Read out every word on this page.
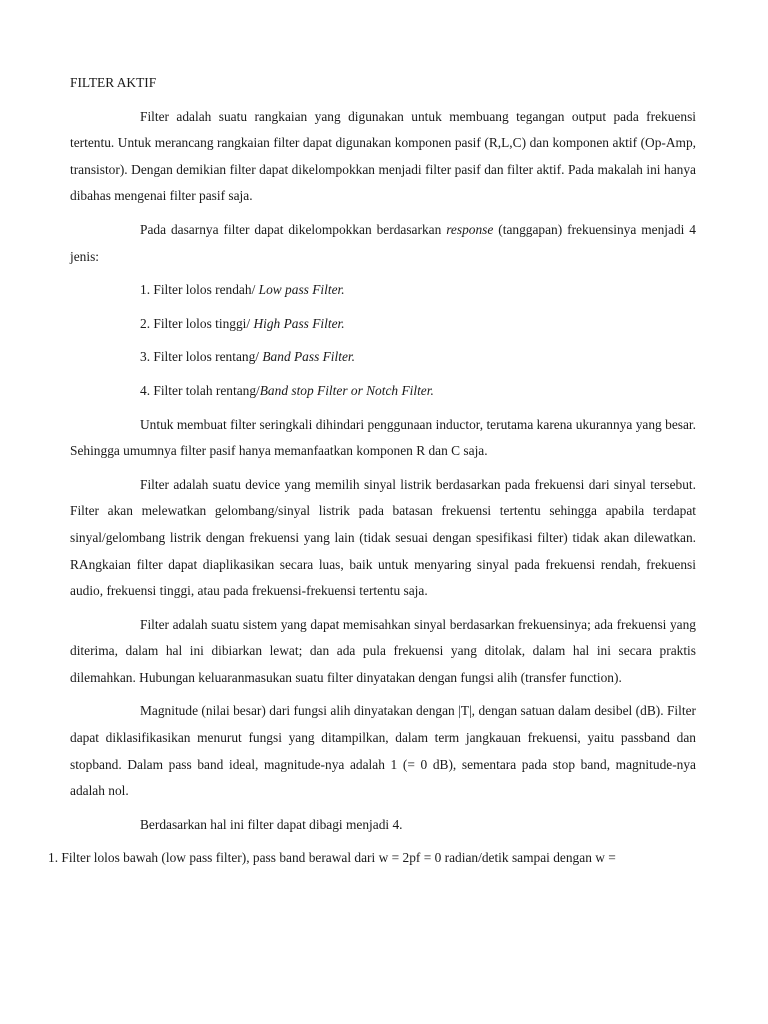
FILTER AKTIF

Filter adalah suatu rangkaian yang digunakan untuk membuang tegangan output pada frekuensi tertentu. Untuk merancang rangkaian filter dapat digunakan komponen pasif (R,L,C) dan komponen aktif (Op-Amp, transistor). Dengan demikian filter dapat dikelompokkan menjadi filter pasif dan filter aktif. Pada makalah ini hanya dibahas mengenai filter pasif saja.

Pada dasarnya filter dapat dikelompokkan berdasarkan response (tanggapan) frekuensinya menjadi 4 jenis:

1. Filter lolos rendah/ Low pass Filter.
2. Filter lolos tinggi/ High Pass Filter.
3. Filter lolos rentang/ Band Pass Filter.
4. Filter tolah rentang/Band stop Filter or Notch Filter.

Untuk membuat filter seringkali dihindari penggunaan inductor, terutama karena ukurannya yang besar. Sehingga umumnya filter pasif hanya memanfaatkan komponen R dan C saja.

Filter adalah suatu device yang memilih sinyal listrik berdasarkan pada frekuensi dari sinyal tersebut. Filter akan melewatkan gelombang/sinyal listrik pada batasan frekuensi tertentu sehingga apabila terdapat sinyal/gelombang listrik dengan frekuensi yang lain (tidak sesuai dengan spesifikasi filter) tidak akan dilewatkan. RAngkaian filter dapat diaplikasikan secara luas, baik untuk menyaring sinyal pada frekuensi rendah, frekuensi audio, frekuensi tinggi, atau pada frekuensi-frekuensi tertentu saja.

Filter adalah suatu sistem yang dapat memisahkan sinyal berdasarkan frekuensinya; ada frekuensi yang diterima, dalam hal ini dibiarkan lewat; dan ada pula frekuensi yang ditolak, dalam hal ini secara praktis dilemahkan. Hubungan keluaranmasukan suatu filter dinyatakan dengan fungsi alih (transfer function).

Magnitude (nilai besar) dari fungsi alih dinyatakan dengan |T|, dengan satuan dalam desibel (dB). Filter dapat diklasifikasikan menurut fungsi yang ditampilkan, dalam term jangkauan frekuensi, yaitu passband dan stopband. Dalam pass band ideal, magnitude-nya adalah 1 (= 0 dB), sementara pada stop band, magnitude-nya adalah nol.

Berdasarkan hal ini filter dapat dibagi menjadi 4.

1. Filter lolos bawah (low pass filter), pass band berawal dari w = 2pf = 0 radian/detik sampai dengan w =
